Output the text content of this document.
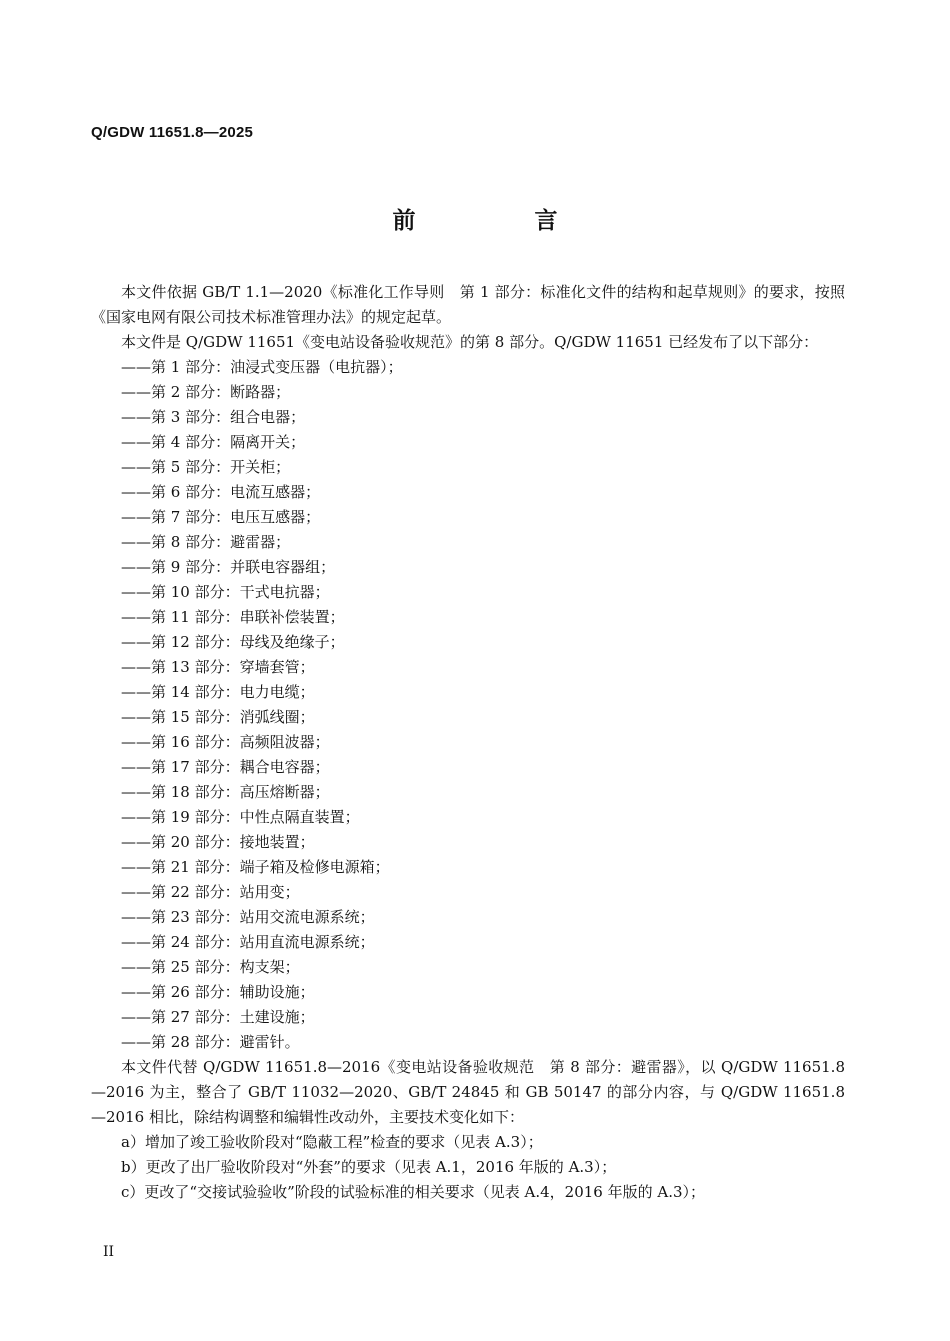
Q/GDW 11651.8—2025
前　言

本文件依据 GB/T 1.1—2020《标准化工作导则　第 1 部分：标准化文件的结构和起草规则》的要求，按照《国家电网有限公司技术标准管理办法》的规定起草。

本文件是 Q/GDW 11651《变电站设备验收规范》的第 8 部分。Q/GDW 11651 已经发布了以下部分：

——第 1 部分：油浸式变压器（电抗器）；
——第 2 部分：断路器；
——第 3 部分：组合电器；
——第 4 部分：隔离开关；
——第 5 部分：开关柜；
——第 6 部分：电流互感器；
——第 7 部分：电压互感器；
——第 8 部分：避雷器；
——第 9 部分：并联电容器组；
——第 10 部分：干式电抗器；
——第 11 部分：串联补偿装置；
——第 12 部分：母线及绝缘子；
——第 13 部分：穿墙套管；
——第 14 部分：电力电缆；
——第 15 部分：消弧线圈；
——第 16 部分：高频阻波器；
——第 17 部分：耦合电容器；
——第 18 部分：高压熔断器；
——第 19 部分：中性点隔直装置；
——第 20 部分：接地装置；
——第 21 部分：端子箱及检修电源箱；
——第 22 部分：站用变；
——第 23 部分：站用交流电源系统；
——第 24 部分：站用直流电源系统；
——第 25 部分：构支架；
——第 26 部分：辅助设施；
——第 27 部分：土建设施；
——第 28 部分：避雷针。

本文件代替 Q/GDW 11651.8—2016《变电站设备验收规范　第 8 部分：避雷器》，以 Q/GDW 11651.8—2016 为主，整合了 GB/T 11032—2020、GB/T 24845 和 GB 50147 的部分内容，与 Q/GDW 11651.8—2016 相比，除结构调整和编辑性改动外，主要技术变化如下：

a）增加了竣工验收阶段对“隐蔽工程”检查的要求（见表 A.3）；
b）更改了出厂验收阶段对“外套”的要求（见表 A.1，2016 年版的 A.3）；
c）更改了“交接试验验收”阶段的试验标准的相关要求（见表 A.4，2016 年版的 A.3）；
II
